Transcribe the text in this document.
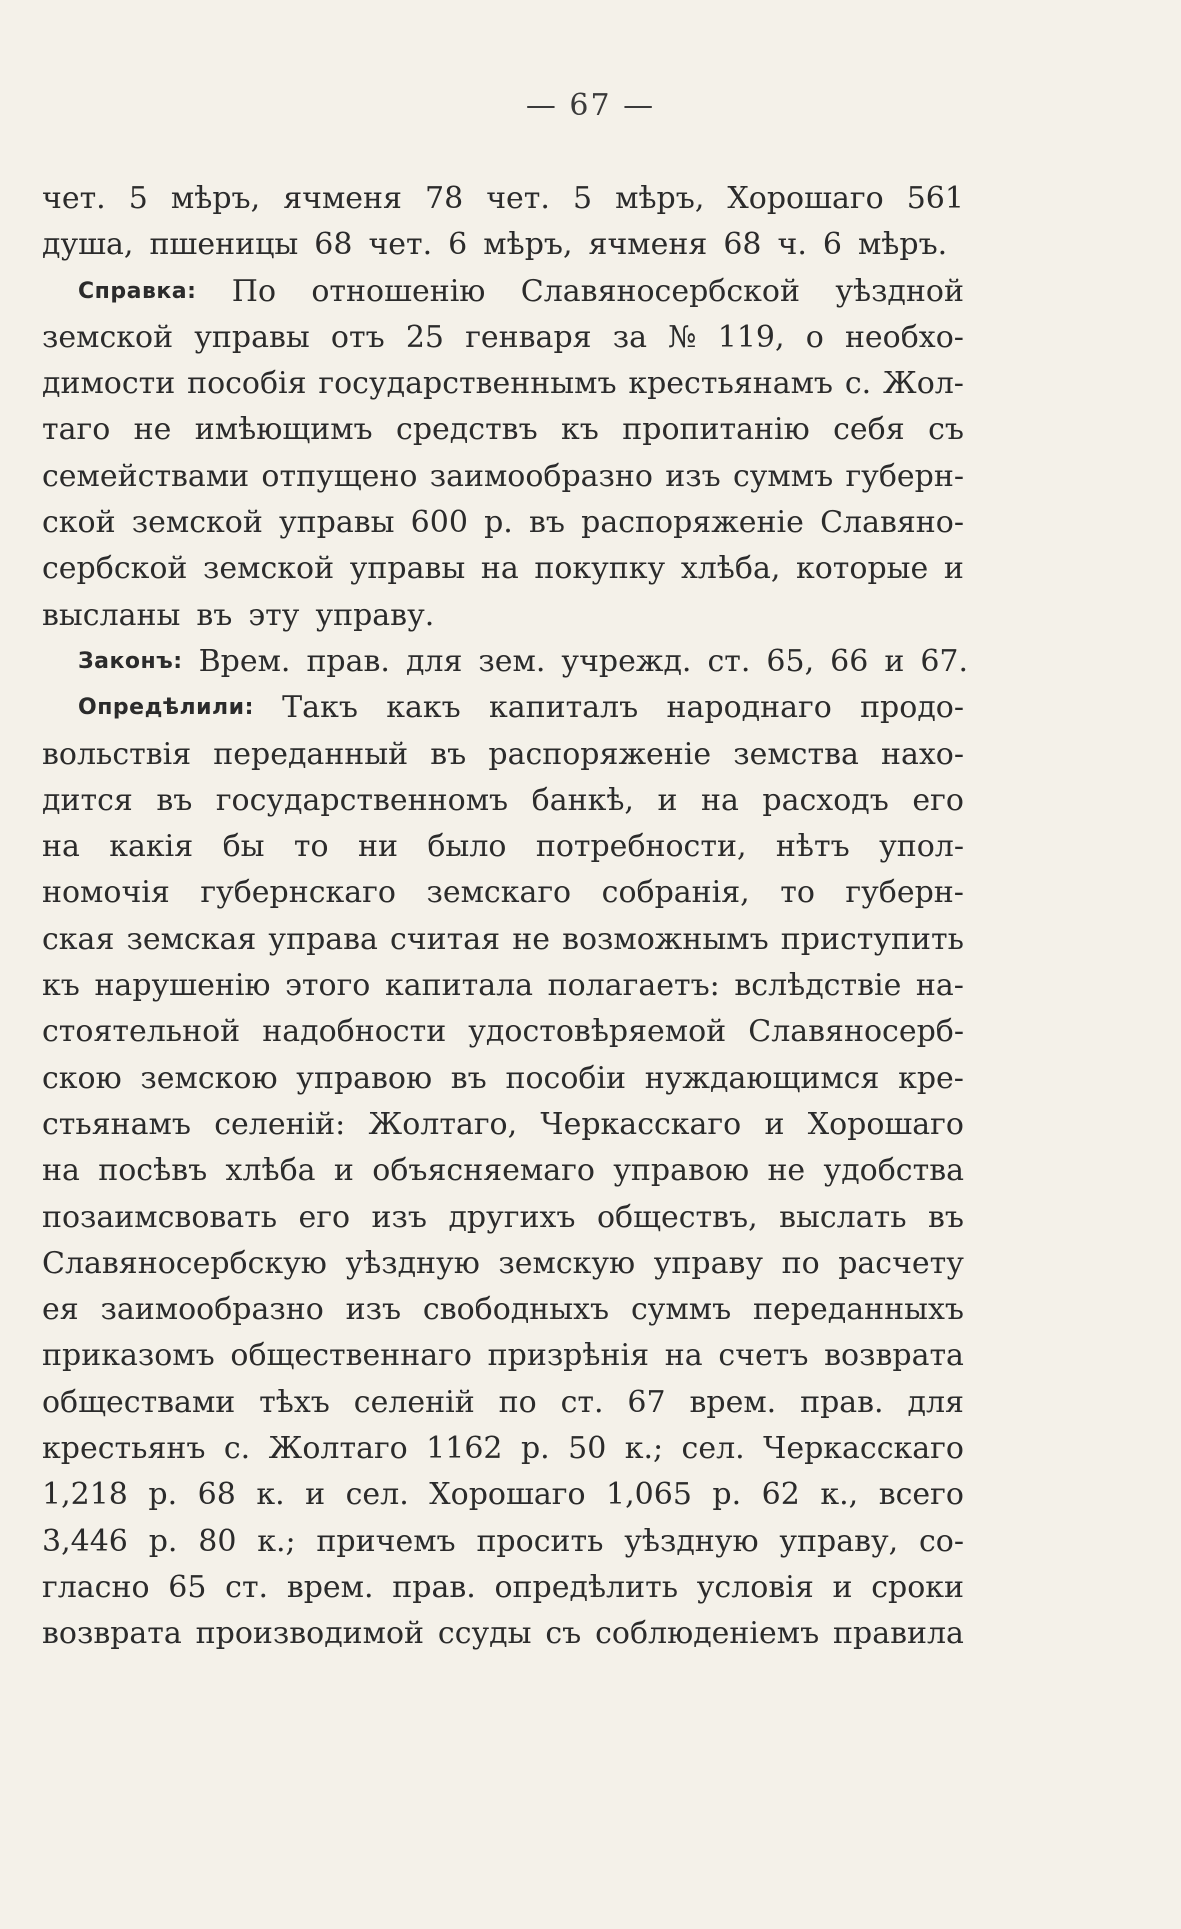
— 67 —
чет. 5 мѣръ, ячменя 78 чет. 5 мѣръ, Хорошаго 561
душа, пшеницы 68 чет. 6 мѣръ, ячменя 68 ч. 6 мѣръ.
Справка: По отношенію Славяносербской уѣздной
земской управы отъ 25 генваря за № 119, о необхо-
димости пособія государственнымъ крестьянамъ с. Жол-
таго не имѣющимъ средствъ къ пропитанію себя съ
семействами отпущено заимообразно изъ суммъ губерн-
ской земской управы 600 р. въ распоряженіе Славяно-
сербской земской управы на покупку хлѣба, которые и
высланы въ эту управу.
Законъ: Врем. прав. для зем. учрежд. ст. 65, 66 и 67.
Опредѣлили: Такъ какъ капиталъ народнаго продо-
вольствія переданный въ распоряженіе земства нахо-
дится въ государственномъ банкѣ, и на расходъ его
на какія бы то ни было потребности, нѣтъ упол-
номочія губернскаго земскаго собранія, то губерн-
ская земская управа считая не возможнымъ приступить
къ нарушенію этого капитала полагаетъ: вслѣдствіе на-
стоятельной надобности удостовѣряемой Славяносерб-
скою земскою управою въ пособіи нуждающимся кре-
стьянамъ селеній: Жолтаго, Черкасскаго и Хорошаго
на посѣвъ хлѣба и объясняемаго управою не удобства
позаимсвовать его изъ другихъ обществъ, выслать въ
Славяносербскую уѣздную земскую управу по расчету
ея заимообразно изъ свободныхъ суммъ переданныхъ
приказомъ общественнаго призрѣнія на счетъ возврата
обществами тѣхъ селеній по ст. 67 врем. прав. для
крестьянъ с. Жолтаго 1162 р. 50 к.; сел. Черкасскаго
1,218 р. 68 к. и сел. Хорошаго 1,065 р. 62 к., всего
3,446 р. 80 к.; причемъ просить уѣздную управу, со-
гласно 65 ст. врем. прав. опредѣлить условія и сроки
возврата производимой ссуды съ соблюденіемъ правила
